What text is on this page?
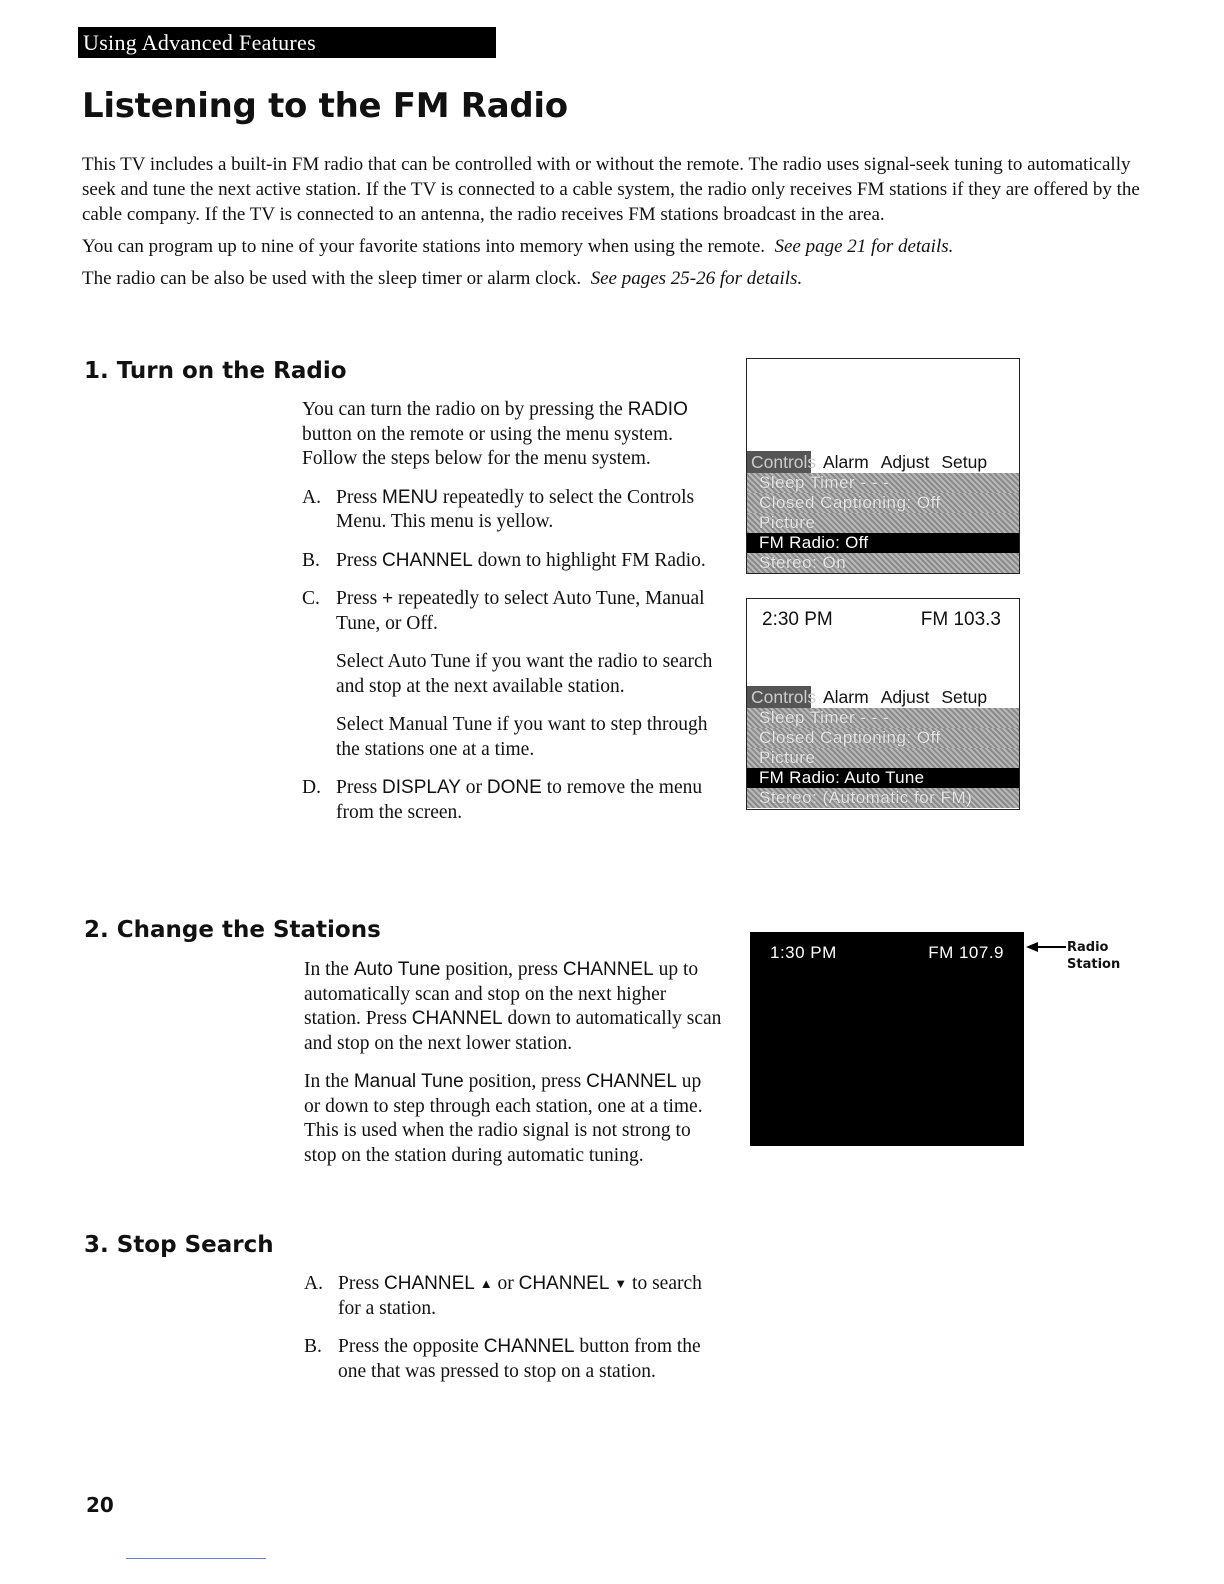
Using Advanced Features
Listening to the FM Radio

This TV includes a built-in FM radio that can be controlled with or without the remote. The radio uses signal-seek tuning to automatically seek and tune the next active station. If the TV is connected to a cable system, the radio only receives FM stations if they are offered by the cable company. If the TV is connected to an antenna, the radio receives FM stations broadcast in the area.

You can program up to nine of your favorite stations into memory when using the remote. See page 21 for details.

The radio can be also be used with the sleep timer or alarm clock. See pages 25-26 for details.

1. Turn on the Radio

You can turn the radio on by pressing the RADIO button on the remote or using the menu system. Follow the steps below for the menu system.

A. Press MENU repeatedly to select the Controls Menu. This menu is yellow.
B. Press CHANNEL down to highlight FM Radio.
C. Press + repeatedly to select Auto Tune, Manual Tune, or Off.
Select Auto Tune if you want the radio to search and stop at the next available station.
Select Manual Tune if you want to step through the stations one at a time.
D. Press DISPLAY or DONE to remove the menu from the screen.
2. Change the Stations

In the Auto Tune position, press CHANNEL up to automatically scan and stop on the next higher station. Press CHANNEL down to automatically scan and stop on the next lower station.

In the Manual Tune position, press CHANNEL up or down to step through each station, one at a time. This is used when the radio signal is not strong to stop on the station during automatic tuning.

3. Stop Search
A. Press CHANNEL ▲ or CHANNEL ▼ to search for a station.
B. Press the opposite CHANNEL button from the one that was pressed to stop on a station.
Controls Alarm Adjust Setup
Sleep Timer - - -
Closed Captioning: Off
Picture
FM Radio: Off
Stereo: On
2:30 PM	FM 103.3
Controls Alarm Adjust Setup
Sleep Timer - - -
Closed Captioning: Off
Picture
FM Radio: Auto Tune
Stereo: (Automatic for FM)
1:30 PM	FM 107.9	Radio
Station
20
